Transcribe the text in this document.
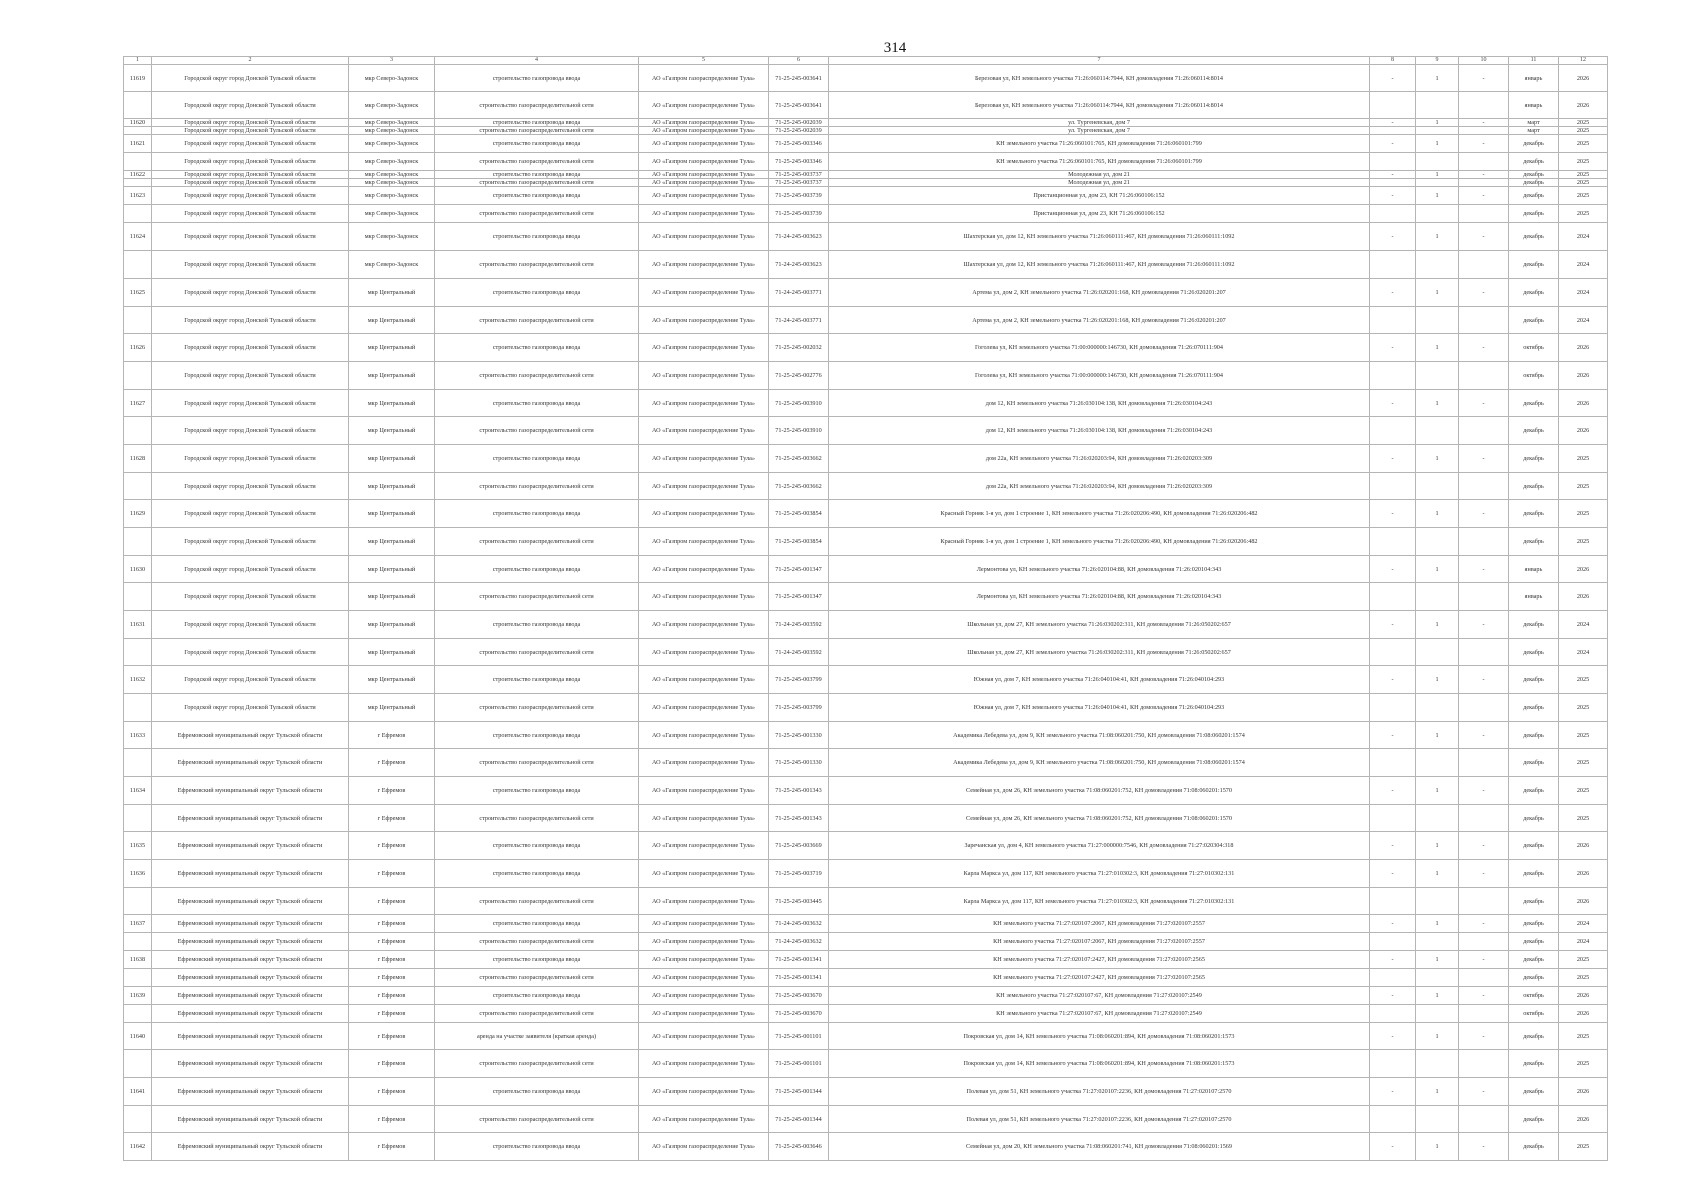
314
1	2	3	4	5	6	7	8	9	10	11	12
11619	Городской округ город Донской Тульской области	мкр Северо-Задонск	строительство газопровода ввода	АО «Газпром газораспределение Тула»	71-25-245-003641	Березовая ул, КН земельного участка 71:26:060114:7944, КН домовладения 71:26:060114:8014	-	1	-	январь	2026
	Городской округ город Донской Тульской области	мкр Северо-Задонск	строительство газораспределительной сети	АО «Газпром газораспределение Тула»	71-25-245-003641	Березовая ул, КН земельного участка 71:26:060114:7944, КН домовладения 71:26:060114:8014				январь	2026
11620	Городской округ город Донской Тульской области	мкр Северо-Задонск	строительство газопровода ввода	АО «Газпром газораспределение Тула»	71-25-245-002039	ул. Тургеневская, дом 7	-	1	-	март	2025
	Городской округ город Донской Тульской области	мкр Северо-Задонск	строительство газораспределительной сети	АО «Газпром газораспределение Тула»	71-25-245-002039	ул. Тургеневская, дом 7				март	2025
11621	Городской округ город Донской Тульской области	мкр Северо-Задонск	строительство газопровода ввода	АО «Газпром газораспределение Тула»	71-25-245-003346	КН земельного участка 71:26:060101:765, КН домовладения 71:26:060101:799	-	1	-	декабрь	2025
	Городской округ город Донской Тульской области	мкр Северо-Задонск	строительство газораспределительной сети	АО «Газпром газораспределение Тула»	71-25-245-003346	КН земельного участка 71:26:060101:765, КН домовладения 71:26:060101:799				декабрь	2025
11622	Городской округ город Донской Тульской области	мкр Северо-Задонск	строительство газопровода ввода	АО «Газпром газораспределение Тула»	71-25-245-003737	Молодежная ул, дом 21	-	1	-	декабрь	2025
	Городской округ город Донской Тульской области	мкр Северо-Задонск	строительство газораспределительной сети	АО «Газпром газораспределение Тула»	71-25-245-003737	Молодежная ул, дом 21				декабрь	2025
11623	Городской округ город Донской Тульской области	мкр Северо-Задонск	строительство газопровода ввода	АО «Газпром газораспределение Тула»	71-25-245-003739	Пристанционная ул, дом 23, КН 71:26:060106:152	-	1	-	декабрь	2025
	Городской округ город Донской Тульской области	мкр Северо-Задонск	строительство газораспределительной сети	АО «Газпром газораспределение Тула»	71-25-245-003739	Пристанционная ул, дом 23, КН 71:26:060106:152				декабрь	2025
11624	Городской округ город Донской Тульской области	мкр Северо-Задонск	строительство газопровода ввода	АО «Газпром газораспределение Тула»	71-24-245-003623	Шахтерская ул, дом 12, КН земельного участка 71:26:060111:467, КН домовладения 71:26:060111:1092	-	1	-	декабрь	2024
	Городской округ город Донской Тульской области	мкр Северо-Задонск	строительство газораспределительной сети	АО «Газпром газораспределение Тула»	71-24-245-003623	Шахтерская ул, дом 12, КН земельного участка 71:26:060111:467, КН домовладения 71:26:060111:1092				декабрь	2024
11625	Городской округ город Донской Тульской области	мкр Центральный	строительство газопровода ввода	АО «Газпром газораспределение Тула»	71-24-245-003771	Артема ул, дом 2, КН земельного участка 71:26:020201:168, КН домовладения 71:26:020201:207	-	1	-	декабрь	2024
	Городской округ город Донской Тульской области	мкр Центральный	строительство газораспределительной сети	АО «Газпром газораспределение Тула»	71-24-245-003771	Артема ул, дом 2, КН земельного участка 71:26:020201:168, КН домовладения 71:26:020201:207				декабрь	2024
11626	Городской округ город Донской Тульской области	мкр Центральный	строительство газопровода ввода	АО «Газпром газораспределение Тула»	71-25-245-002032	Гоголева ул, КН земельного участка 71:00:000000:146730, КН домовладения 71:26:070111:904	-	1	-	октябрь	2026
	Городской округ город Донской Тульской области	мкр Центральный	строительство газораспределительной сети	АО «Газпром газораспределение Тула»	71-25-245-002776	Гоголева ул, КН земельного участка 71:00:000000:146730, КН домовладения 71:26:070111:904				октябрь	2026
11627	Городской округ город Донской Тульской области	мкр Центральный	строительство газопровода ввода	АО «Газпром газораспределение Тула»	71-25-245-003910	дом 12, КН земельного участка 71:26:030104:138, КН домовладения 71:26:030104:243	-	1	-	декабрь	2026
	Городской округ город Донской Тульской области	мкр Центральный	строительство газораспределительной сети	АО «Газпром газораспределение Тула»	71-25-245-003910	дом 12, КН земельного участка 71:26:030104:138, КН домовладения 71:26:030104:243				декабрь	2026
11628	Городской округ город Донской Тульской области	мкр Центральный	строительство газопровода ввода	АО «Газпром газораспределение Тула»	71-25-245-003662	дом 22а, КН земельного участка 71:26:020203:94, КН домовладения 71:26:020203:309	-	1	-	декабрь	2025
	Городской округ город Донской Тульской области	мкр Центральный	строительство газораспределительной сети	АО «Газпром газораспределение Тула»	71-25-245-003662	дом 22а, КН земельного участка 71:26:020203:94, КН домовладения 71:26:020203:309				декабрь	2025
11629	Городской округ город Донской Тульской области	мкр Центральный	строительство газопровода ввода	АО «Газпром газораспределение Тула»	71-25-245-003854	Красный Горняк 1-я ул, дом 1 строение 1, КН земельного участка 71:26:020206:490, КН домовладения 71:26:020206:482	-	1	-	декабрь	2025
	Городской округ город Донской Тульской области	мкр Центральный	строительство газораспределительной сети	АО «Газпром газораспределение Тула»	71-25-245-003854	Красный Горняк 1-я ул, дом 1 строение 1, КН земельного участка 71:26:020206:490, КН домовладения 71:26:020206:482				декабрь	2025
11630	Городской округ город Донской Тульской области	мкр Центральный	строительство газопровода ввода	АО «Газпром газораспределение Тула»	71-25-245-001347	Лермонтова ул, КН земельного участка 71:26:020104:88, КН домовладения 71:26:020104:343	-	1	-	январь	2026
	Городской округ город Донской Тульской области	мкр Центральный	строительство газораспределительной сети	АО «Газпром газораспределение Тула»	71-25-245-001347	Лермонтова ул, КН земельного участка 71:26:020104:88, КН домовладения 71:26:020104:343				январь	2026
11631	Городской округ город Донской Тульской области	мкр Центральный	строительство газопровода ввода	АО «Газпром газораспределение Тула»	71-24-245-003592	Школьная ул, дом 27, КН земельного участка 71:26:030202:311, КН домовладения 71:26:050202:657	-	1	-	декабрь	2024
	Городской округ город Донской Тульской области	мкр Центральный	строительство газораспределительной сети	АО «Газпром газораспределение Тула»	71-24-245-003592	Школьная ул, дом 27, КН земельного участка 71:26:030202:311, КН домовладения 71:26:050202:657				декабрь	2024
11632	Городской округ город Донской Тульской области	мкр Центральный	строительство газопровода ввода	АО «Газпром газораспределение Тула»	71-25-245-003799	Южная ул, дом 7, КН земельного участка 71:26:040104:41, КН домовладения 71:26:040104:293	-	1	-	декабрь	2025
	Городской округ город Донской Тульской области	мкр Центральный	строительство газораспределительной сети	АО «Газпром газораспределение Тула»	71-25-245-003799	Южная ул, дом 7, КН земельного участка 71:26:040104:41, КН домовладения 71:26:040104:293				декабрь	2025
11633	Ефремовский муниципальный округ Тульской области	г Ефремов	строительство газопровода ввода	АО «Газпром газораспределение Тула»	71-25-245-001330	Академика Лебедева ул, дом 9, КН земельного участка 71:08:060201:750, КН домовладения 71:08:060201:1574	-	1	-	декабрь	2025
	Ефремовский муниципальный округ Тульской области	г Ефремов	строительство газораспределительной сети	АО «Газпром газораспределение Тула»	71-25-245-001330	Академика Лебедева ул, дом 9, КН земельного участка 71:08:060201:750, КН домовладения 71:08:060201:1574				декабрь	2025
11634	Ефремовский муниципальный округ Тульской области	г Ефремов	строительство газопровода ввода	АО «Газпром газораспределение Тула»	71-25-245-001343	Семейная ул, дом 26, КН земельного участка 71:08:060201:752, КН домовладения 71:08:060201:1570	-	1	-	декабрь	2025
	Ефремовский муниципальный округ Тульской области	г Ефремов	строительство газораспределительной сети	АО «Газпром газораспределение Тула»	71-25-245-001343	Семейная ул, дом 26, КН земельного участка 71:08:060201:752, КН домовладения 71:08:060201:1570				декабрь	2025
11635	Ефремовский муниципальный округ Тульской области	г Ефремов	строительство газопровода ввода	АО «Газпром газораспределение Тула»	71-25-245-003669	Заречанская ул, дом 4, КН земельного участка 71:27:000000:7546, КН домовладения 71:27:020304:318	-	1	-	декабрь	2026
11636	Ефремовский муниципальный округ Тульской области	г Ефремов	строительство газопровода ввода	АО «Газпром газораспределение Тула»	71-25-245-003719	Карла Маркса ул, дом 117, КН земельного участка 71:27:010302:3, КН домовладения 71:27:010302:131	-	1	-	декабрь	2026
	Ефремовский муниципальный округ Тульской области	г Ефремов	строительство газораспределительной сети	АО «Газпром газораспределение Тула»	71-25-245-003445	Карла Маркса ул, дом 117, КН земельного участка 71:27:010302:3, КН домовладения 71:27:010302:131				декабрь	2026
11637	Ефремовский муниципальный округ Тульской области	г Ефремов	строительство газопровода ввода	АО «Газпром газораспределение Тула»	71-24-245-003632	КН земельного участка 71:27:020107:2067, КН домовладения 71:27:020107:2557	-	1	-	декабрь	2024
	Ефремовский муниципальный округ Тульской области	г Ефремов	строительство газораспределительной сети	АО «Газпром газораспределение Тула»	71-24-245-003632	КН земельного участка 71:27:020107:2067, КН домовладения 71:27:020107:2557				декабрь	2024
11638	Ефремовский муниципальный округ Тульской области	г Ефремов	строительство газопровода ввода	АО «Газпром газораспределение Тула»	71-25-245-001341	КН земельного участка 71:27:020107:2427, КН домовладения 71:27:020107:2565	-	1	-	декабрь	2025
	Ефремовский муниципальный округ Тульской области	г Ефремов	строительство газораспределительной сети	АО «Газпром газораспределение Тула»	71-25-245-001341	КН земельного участка 71:27:020107:2427, КН домовладения 71:27:020107:2565				декабрь	2025
11639	Ефремовский муниципальный округ Тульской области	г Ефремов	строительство газопровода ввода	АО «Газпром газораспределение Тула»	71-25-245-003670	КН земельного участка 71:27:020107:67, КН домовладения 71:27:020107:2549	-	1	-	октябрь	2026
	Ефремовский муниципальный округ Тульской области	г Ефремов	строительство газораспределительной сети	АО «Газпром газораспределение Тула»	71-25-245-003670	КН земельного участка 71:27:020107:67, КН домовладения 71:27:020107:2549				октябрь	2026
11640	Ефремовский муниципальный округ Тульской области	г Ефремов	аренда на участке заявителя (краткая аренда)	АО «Газпром газораспределение Тула»	71-25-245-001101	Покровская ул, дом 14, КН земельного участка 71:08:060201:894, КН домовладения 71:08:060201:1573	-	1	-	декабрь	2025
	Ефремовский муниципальный округ Тульской области	г Ефремов	строительство газораспределительной сети	АО «Газпром газораспределение Тула»	71-25-245-001101	Покровская ул, дом 14, КН земельного участка 71:08:060201:894, КН домовладения 71:08:060201:1573				декабрь	2025
11641	Ефремовский муниципальный округ Тульской области	г Ефремов	строительство газопровода ввода	АО «Газпром газораспределение Тула»	71-25-245-001344	Полевая ул, дом 51, КН земельного участка 71:27:020107:2236, КН домовладения 71:27:020107:2570	-	1	-	декабрь	2026
	Ефремовский муниципальный округ Тульской области	г Ефремов	строительство газораспределительной сети	АО «Газпром газораспределение Тула»	71-25-245-001344	Полевая ул, дом 51, КН земельного участка 71:27:020107:2236, КН домовладения 71:27:020107:2570				декабрь	2026
11642	Ефремовский муниципальный округ Тульской области	г Ефремов	строительство газопровода ввода	АО «Газпром газораспределение Тула»	71-25-245-003646	Семейная ул, дом 20, КН земельного участка 71:08:060201:741, КН домовладения 71:08:060201:1569	-	1	-	декабрь	2025
